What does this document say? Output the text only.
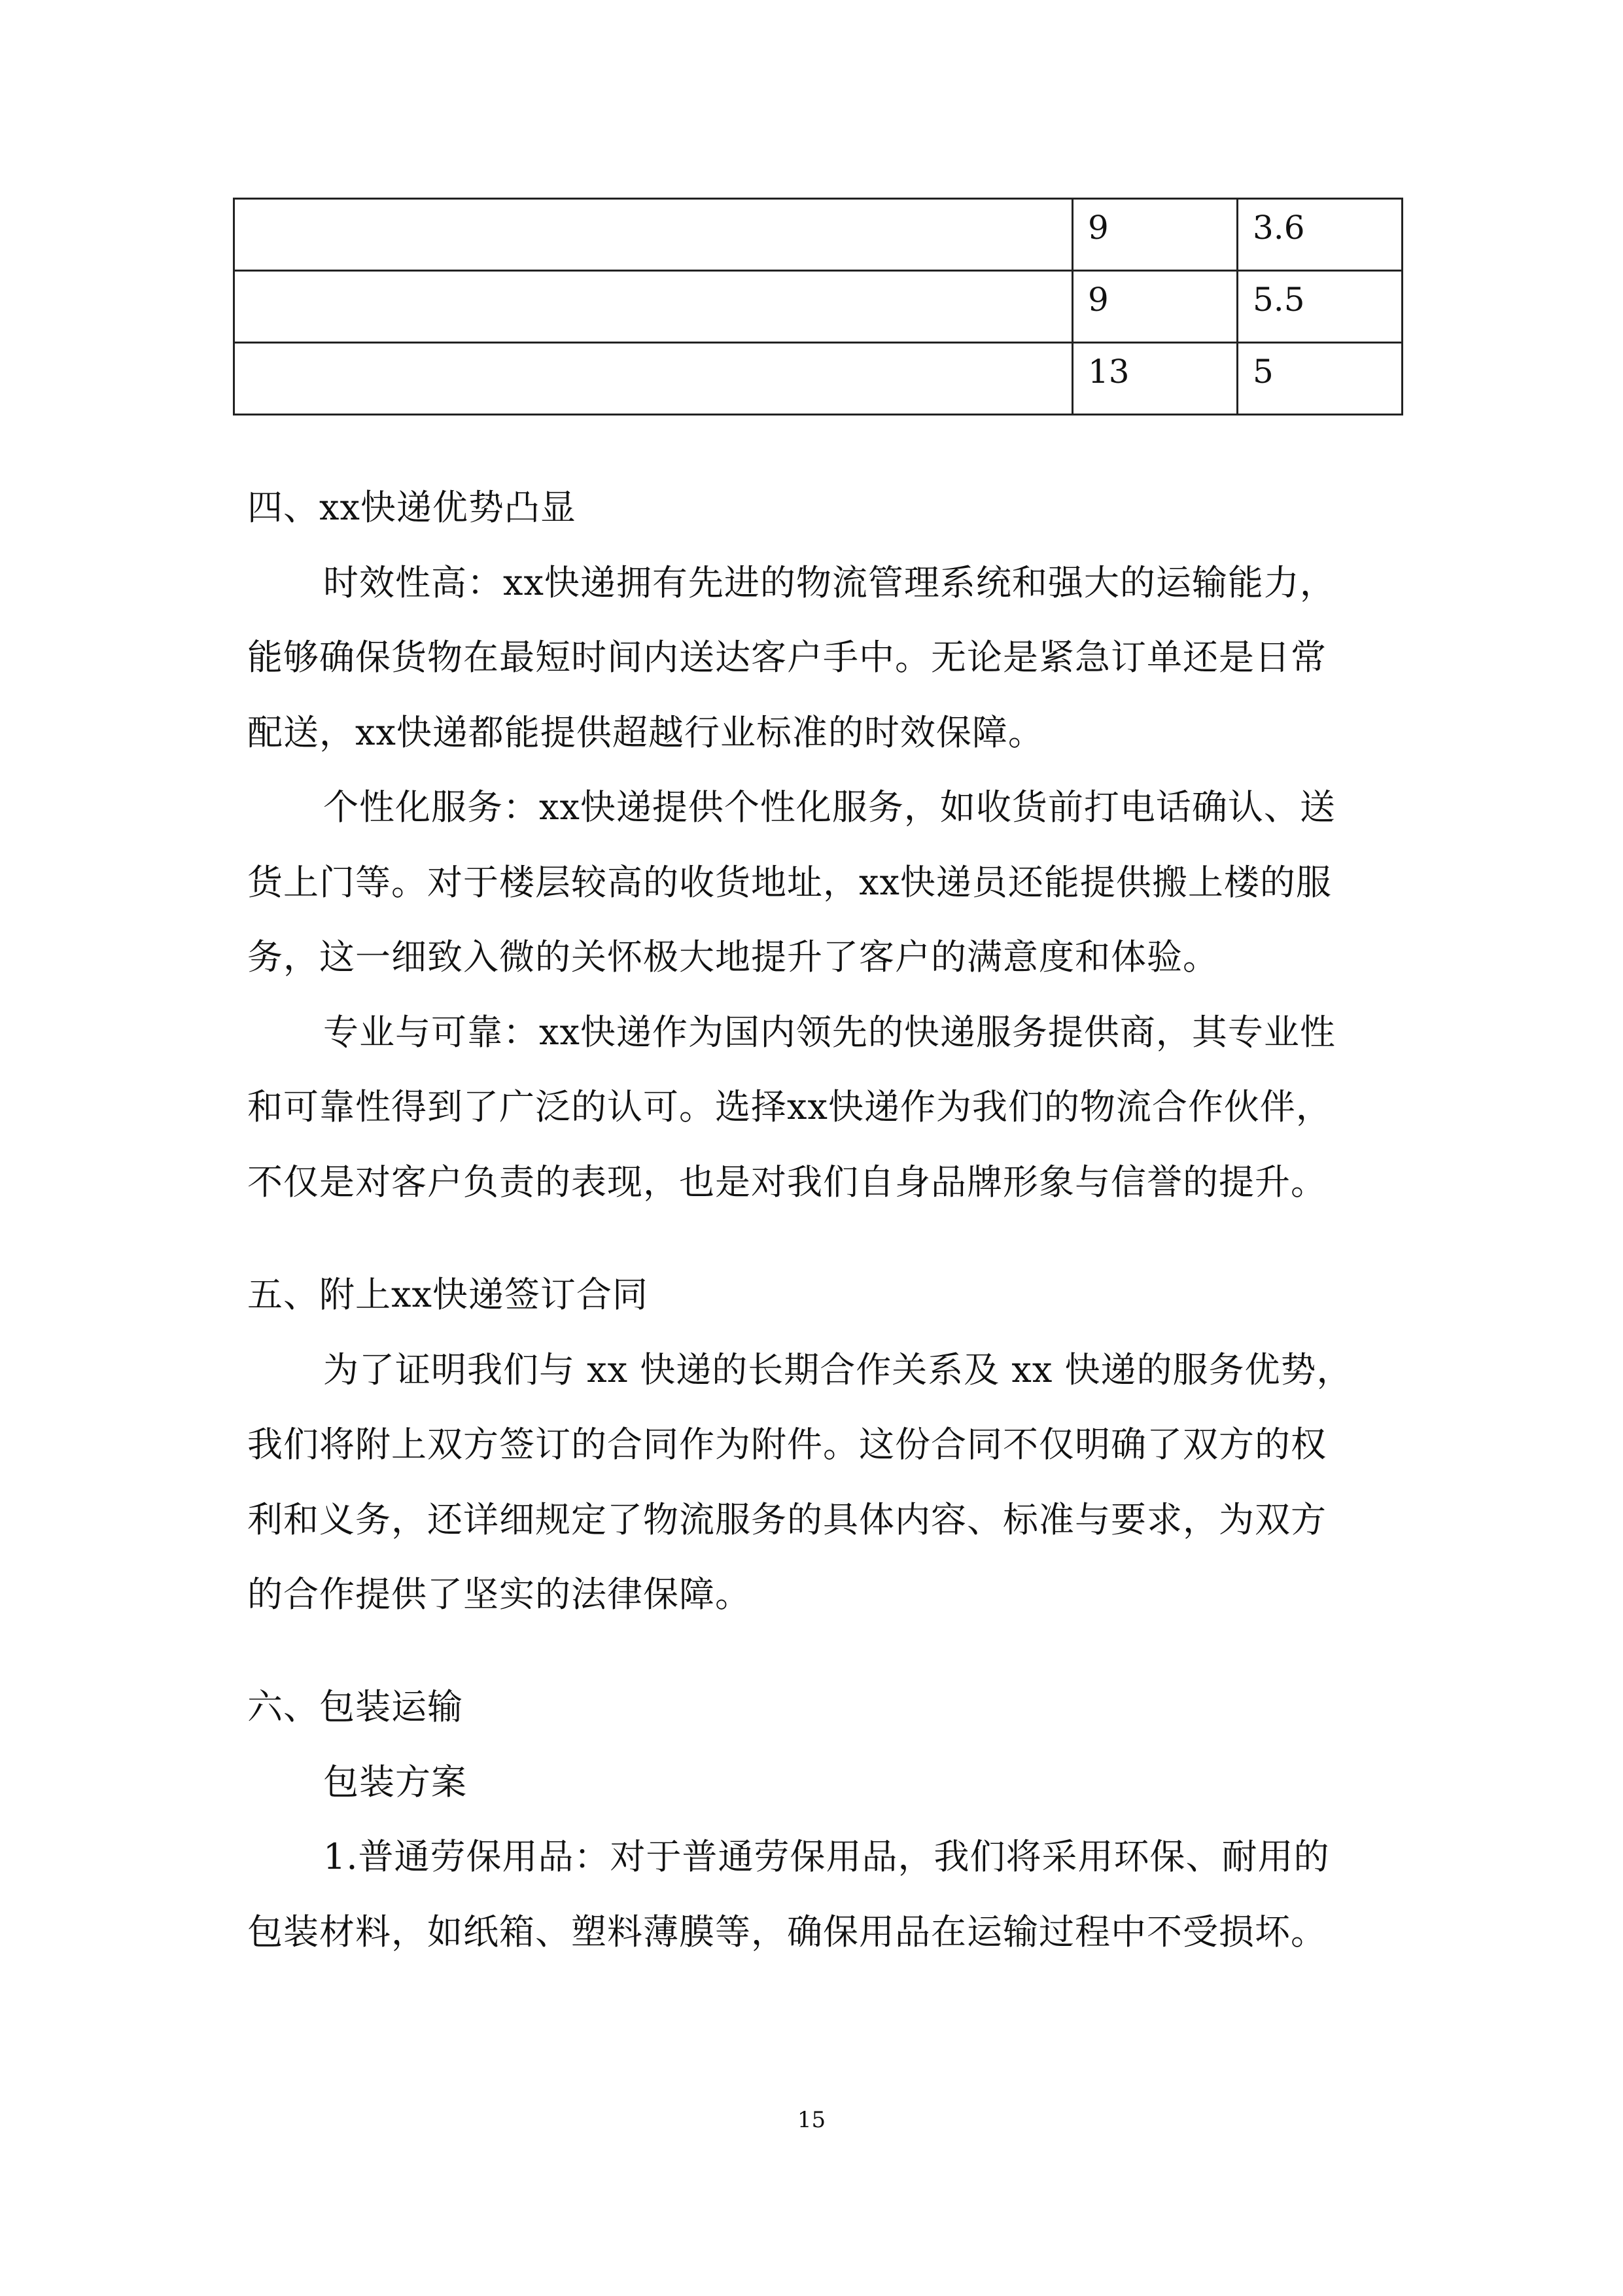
	9	3.6
	9	5.5
	13	5
四、xx快递优势凸显
时效性高：xx快递拥有先进的物流管理系统和强大的运输能力，
能够确保货物在最短时间内送达客户手中。无论是紧急订单还是日常
配送，xx快递都能提供超越行业标准的时效保障。
个性化服务：xx快递提供个性化服务，如收货前打电话确认、送
货上门等。对于楼层较高的收货地址，xx快递员还能提供搬上楼的服
务，这一细致入微的关怀极大地提升了客户的满意度和体验。
专业与可靠：xx快递作为国内领先的快递服务提供商，其专业性
和可靠性得到了广泛的认可。选择xx快递作为我们的物流合作伙伴，
不仅是对客户负责的表现，也是对我们自身品牌形象与信誉的提升。
五、附上xx快递签订合同
为了证明我们与 xx 快递的长期合作关系及 xx 快递的服务优势，
我们将附上双方签订的合同作为附件。这份合同不仅明确了双方的权
利和义务，还详细规定了物流服务的具体内容、标准与要求，为双方
的合作提供了坚实的法律保障。
六、包装运输
包装方案
1.普通劳保用品：对于普通劳保用品，我们将采用环保、耐用的
包装材料，如纸箱、塑料薄膜等，确保用品在运输过程中不受损坏。
15
